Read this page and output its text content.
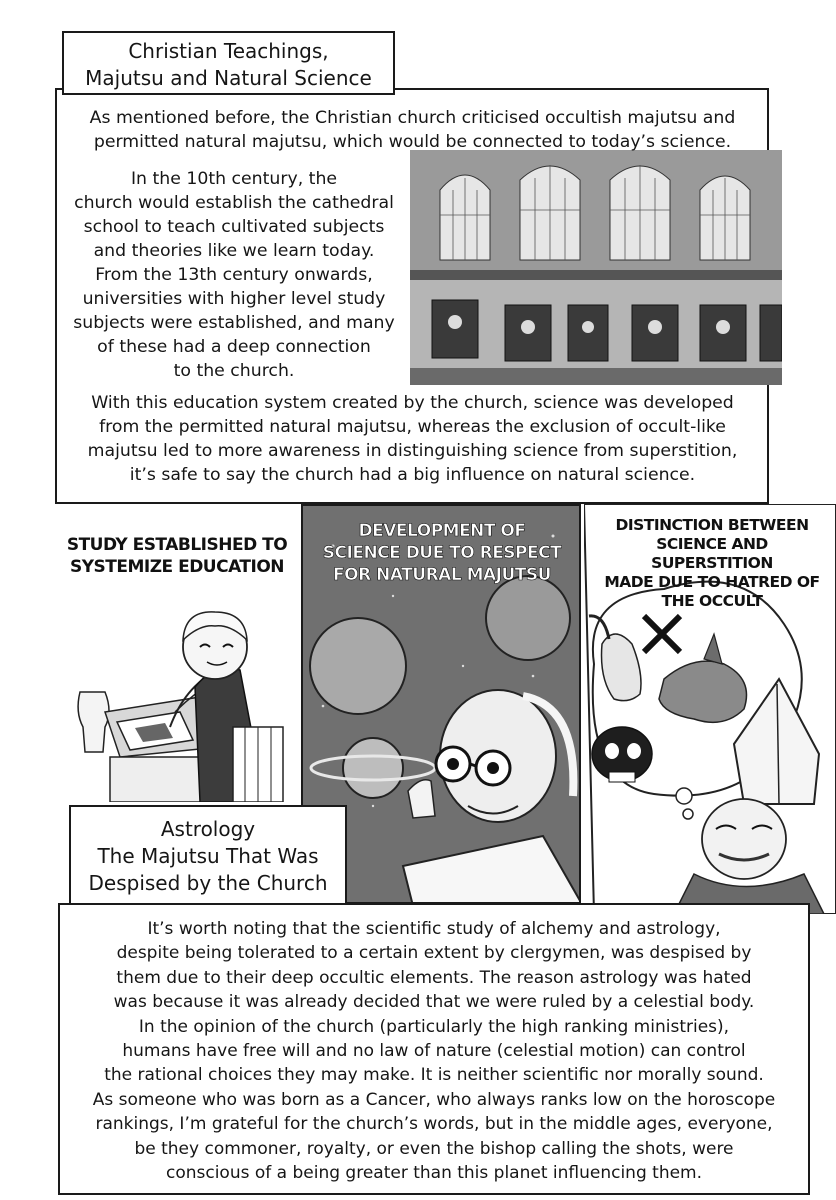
Christian Teachings,
Majutsu and Natural Science
As mentioned before, the Christian church criticised occultish majutsu and
permitted natural majutsu, which would be connected to today’s science.
In the 10th century, the
church would establish the cathedral
school to teach cultivated subjects
and theories like we learn today.
From the 13th century onwards,
universities with higher level study
subjects were established, and many
of these had a deep connection
to the church.
With this education system created by the church, science was developed
from the permitted natural majutsu, whereas the exclusion of occult-like
majutsu led to more awareness in distinguishing science from superstition,
it’s safe to say the church had a big influence on natural science.
STUDY ESTABLISHED TO
SYSTEMIZE EDUCATION
DEVELOPMENT OF
SCIENCE DUE TO RESPECT
FOR NATURAL MAJUTSU
DISTINCTION BETWEEN
SCIENCE AND SUPERSTITION
MADE DUE TO HATRED OF
THE OCCULT
Astrology
The Majutsu That Was
Despised by the Church
It’s worth noting that the scientific study of alchemy and astrology,
despite being tolerated to a certain extent by clergymen, was despised by
them due to their deep occultic elements. The reason astrology was hated
was because it was already decided that we were ruled by a celestial body.
In the opinion of the church (particularly the high ranking ministries),
humans have free will and no law of nature (celestial motion) can control
the rational choices they may make. It is neither scientific nor morally sound.
As someone who was born as a Cancer, who always ranks low on the horoscope
rankings, I’m grateful for the church’s words, but in the middle ages, everyone,
be they commoner, royalty, or even the bishop calling the shots, were
conscious of a being greater than this planet influencing them.
